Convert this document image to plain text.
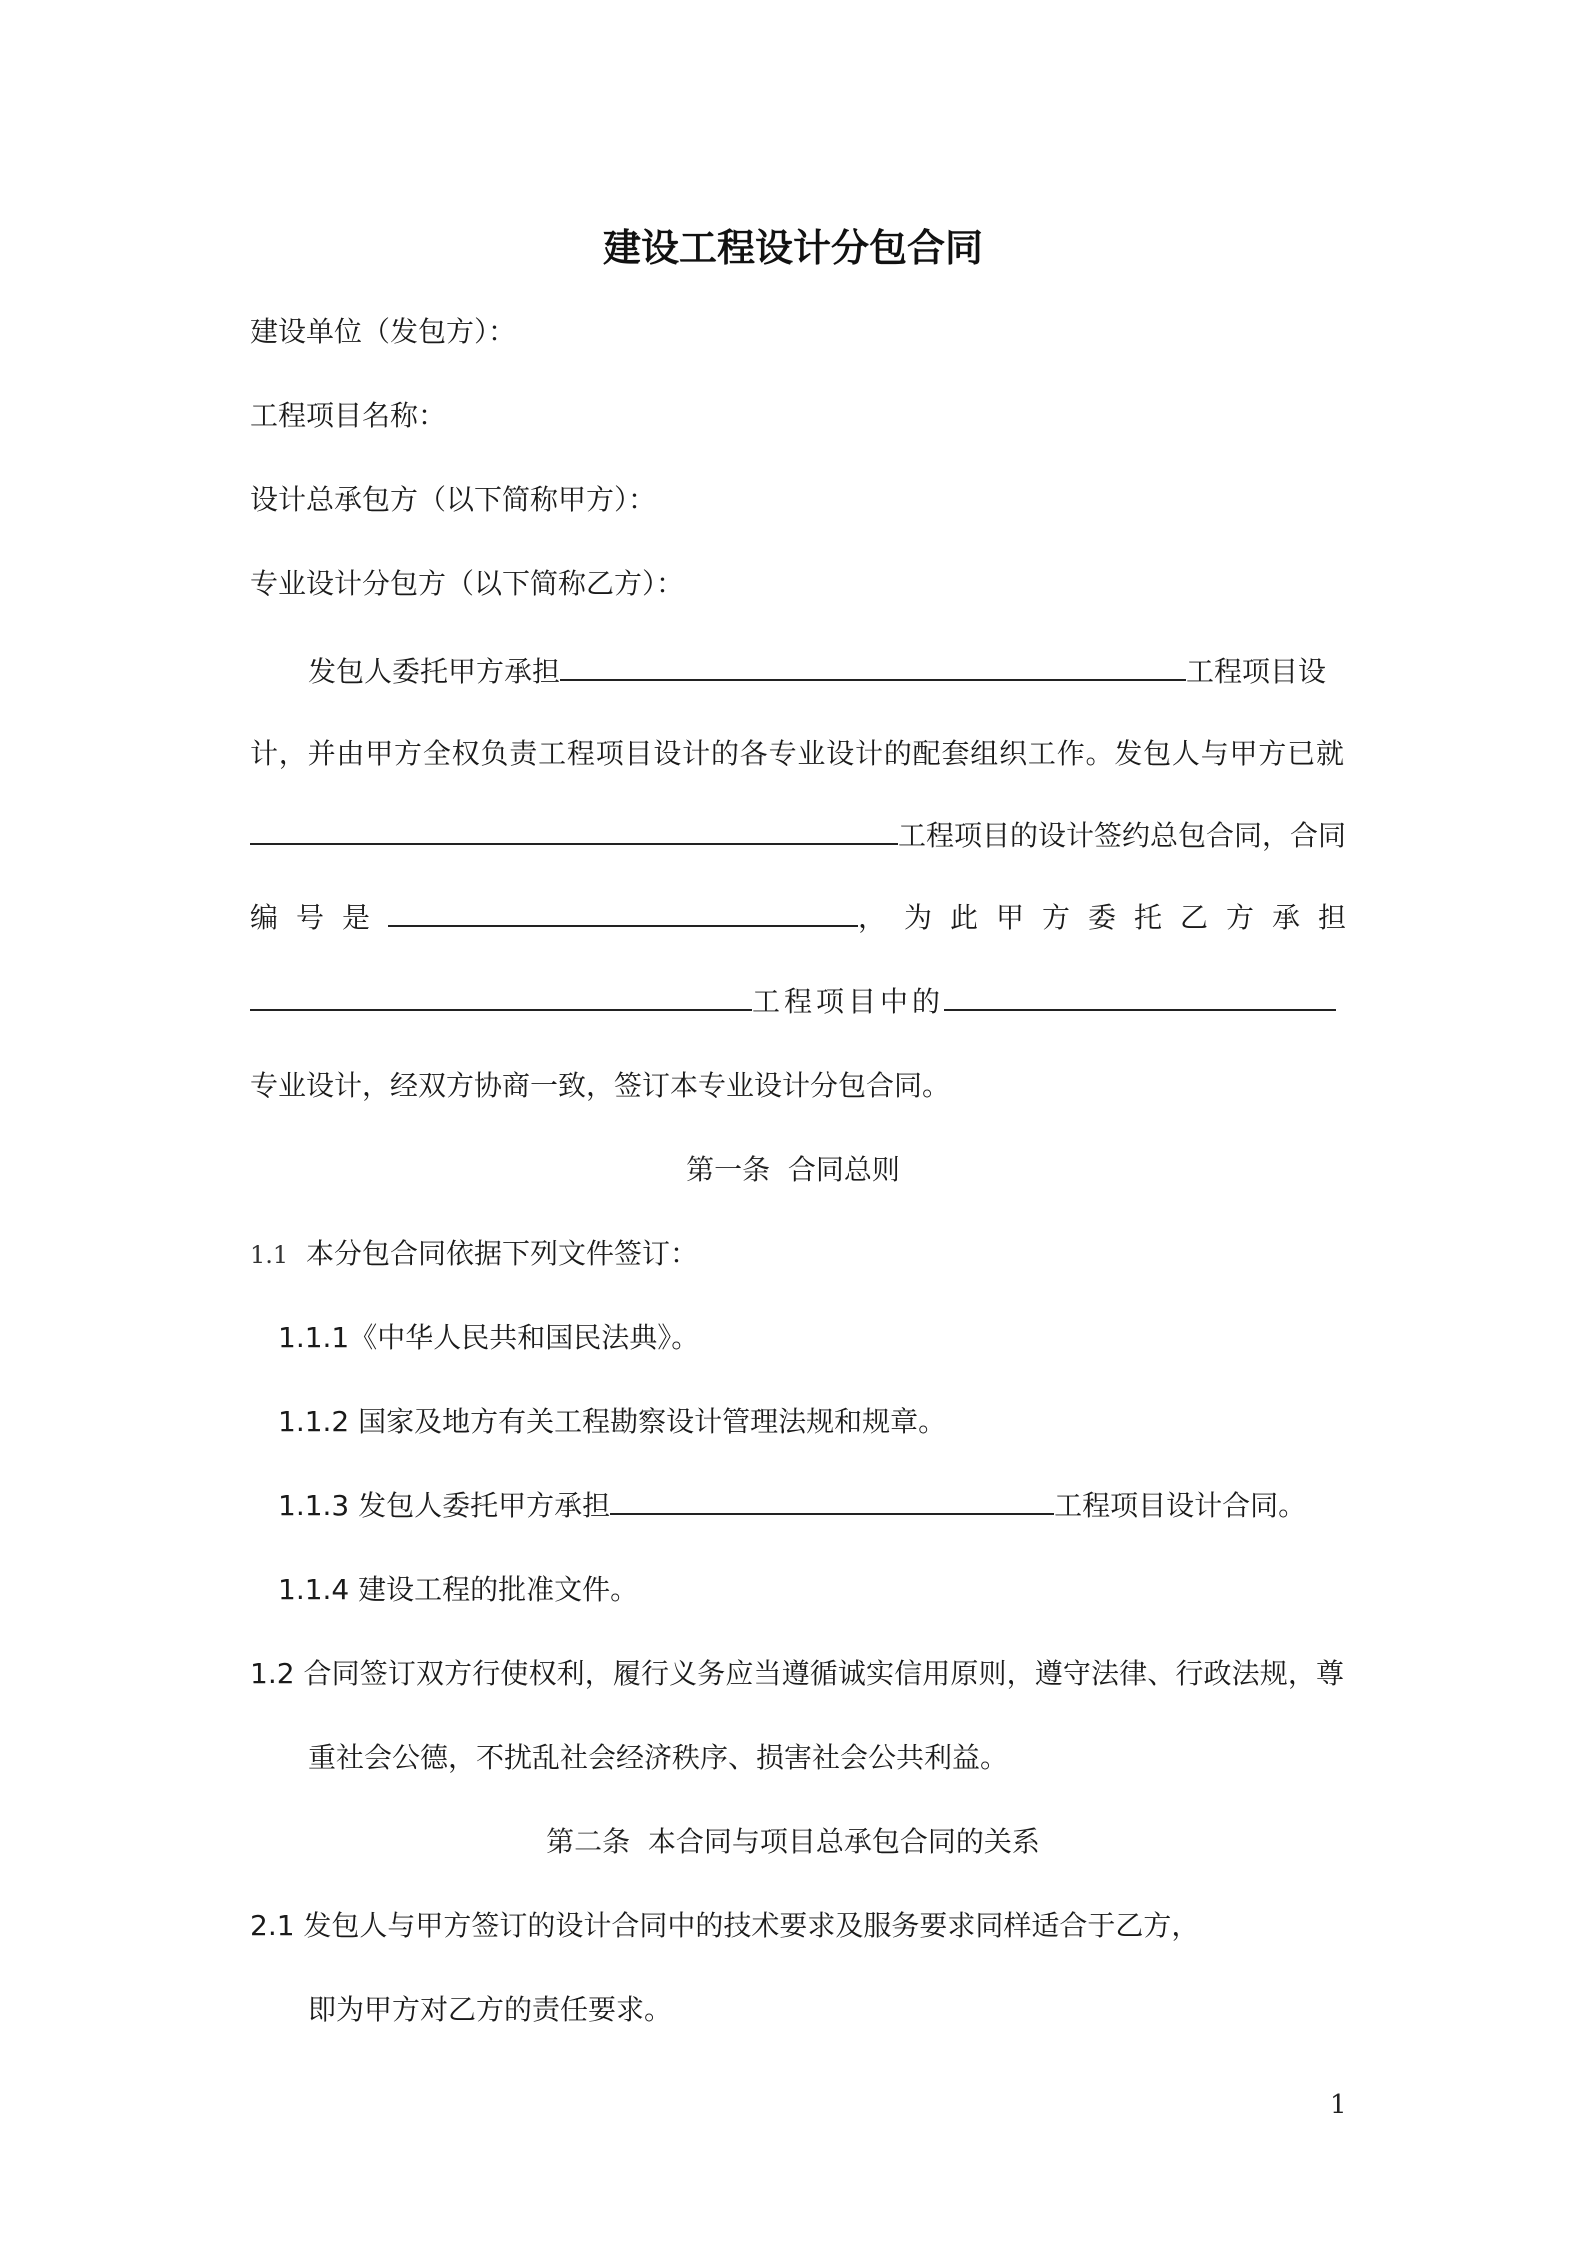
建设工程设计分包合同
建设单位（发包方）：
工程项目名称：
设计总承包方（以下简称甲方）：
专业设计分包方（以下简称乙方）：
发包人委托甲方承担	工程项目设
计，并由甲方全权负责工程项目设计的各专业设计的配套组织工作。发包人与甲方已就
工程项目的设计签约总包合同，合同
编号是	，为此甲方委托乙方承担
工程项目中的
专业设计，经双方协商一致，签订本专业设计分包合同。
第一条 合同总则
1.1 本分包合同依据下列文件签订：
1.1.1《中华人民共和国民法典》。
1.1.2 国家及地方有关工程勘察设计管理法规和规章。
1.1.3 发包人委托甲方承担	工程项目设计合同。
1.1.4 建设工程的批准文件。
1.2 合同签订双方行使权利，履行义务应当遵循诚实信用原则，遵守法律、行政法规，尊
重社会公德，不扰乱社会经济秩序、损害社会公共利益。
第二条 本合同与项目总承包合同的关系
2.1 发包人与甲方签订的设计合同中的技术要求及服务要求同样适合于乙方，
即为甲方对乙方的责任要求。
1
